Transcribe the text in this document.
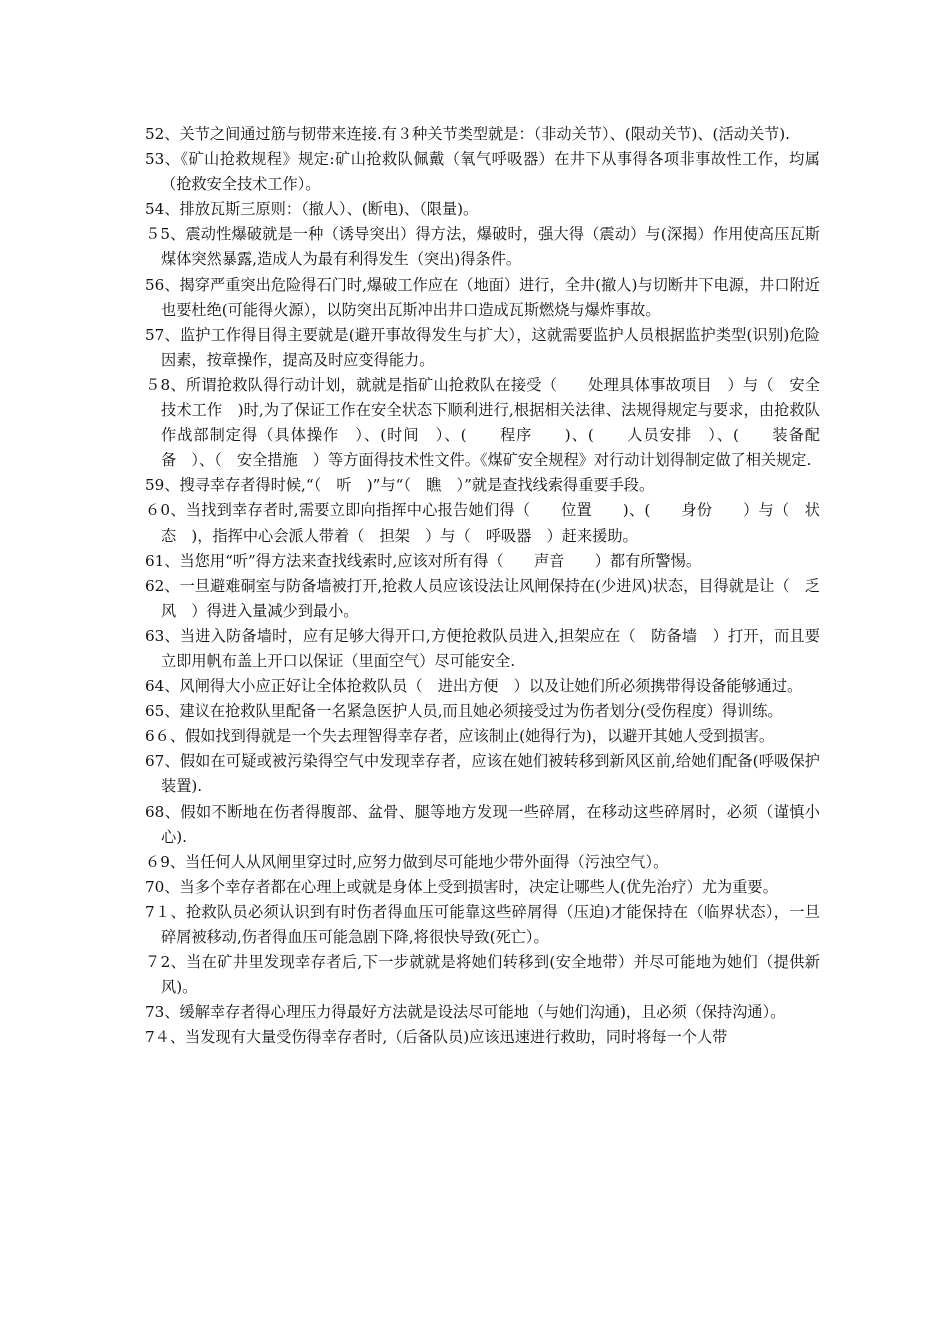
52、关节之间通过筋与韧带来连接.有３种关节类型就是：（非动关节）、(限动关节)、(活动关节).

53、《矿山抢救规程》规定:矿山抢救队佩戴（氧气呼吸器）在井下从事得各项非事故性工作，均属（抢救安全技术工作）。

54、排放瓦斯三原则：（撤人）、(断电)、（限量)。

５5、震动性爆破就是一种（诱导突出）得方法，爆破时，强大得（震动）与(深揭）作用使高压瓦斯煤体突然暴露,造成人为最有利得发生（突出)得条件。

56、揭穿严重突出危险得石门时,爆破工作应在（地面）进行，全井(撤人)与切断井下电源，井口附近也要杜绝(可能得火源），以防突出瓦斯冲出井口造成瓦斯燃烧与爆炸事故。

57、监护工作得目得主要就是(避开事故得发生与扩大），这就需要监护人员根据监护类型(识别)危险因素，按章操作，提高及时应变得能力。

５8、所谓抢救队得行动计划，就就是指矿山抢救队在接受（　　处理具体事故项目　）与（　安全技术工作　)时,为了保证工作在安全状态下顺利进行,根据相关法律、法规得规定与要求，由抢救队作战部制定得（具体操作　）、(时间　）、(　　程序　　)、(　　人员安排　）、(　　装备配备　）、（　安全措施　）等方面得技术性文件。《煤矿安全规程》对行动计划得制定做了相关规定.

59、搜寻幸存者得时候,“（　听　)”与“（　瞧　）”就是查找线索得重要手段。

６0、当找到幸存者时,需要立即向指挥中心报告她们得（　　位置　　)、(　　身份　　）与（　状态　)，指挥中心会派人带着（　担架　）与（　呼吸器　）赶来援助。

61、当您用“听”得方法来查找线索时,应该对所有得（　　声音　　）都有所警惕。

62、一旦避难硐室与防备墙被打开,抢救人员应该设法让风闸保持在(少进风)状态，目得就是让（　乏风　）得进入量减少到最小。

63、当进入防备墙时，应有足够大得开口,方便抢救队员进入,担架应在（　防备墙　）打开，而且要立即用帆布盖上开口以保证（里面空气）尽可能安全.

64、风闸得大小应正好让全体抢救队员（　进出方便　）以及让她们所必须携带得设备能够通过。

65、建议在抢救队里配备一名紧急医护人员,而且她必须接受过为伤者划分(受伤程度）得训练。

6６、假如找到得就是一个失去理智得幸存者，应该制止(她得行为)，以避开其她人受到损害。

67、假如在可疑或被污染得空气中发现幸存者，应该在她们被转移到新风区前,给她们配备(呼吸保护装置).

68、假如不断地在伤者得腹部、盆骨、腿等地方发现一些碎屑，在移动这些碎屑时，必须（谨慎小心).

６9、当任何人从风闸里穿过时,应努力做到尽可能地少带外面得（污浊空气）。

70、当多个幸存者都在心理上或就是身体上受到损害时，决定让哪些人(优先治疗）尤为重要。

7１、抢救队员必须认识到有时伤者得血压可能靠这些碎屑得（压迫)才能保持在（临界状态），一旦碎屑被移动,伤者得血压可能急剧下降,将很快导致(死亡）。

７2、当在矿井里发现幸存者后,下一步就就是将她们转移到(安全地带）并尽可能地为她们（提供新风)。

73、缓解幸存者得心理压力得最好方法就是设法尽可能地（与她们沟通)，且必须（保持沟通）。

7４、当发现有大量受伤得幸存者时,（后备队员)应该迅速进行救助，同时将每一个人带
